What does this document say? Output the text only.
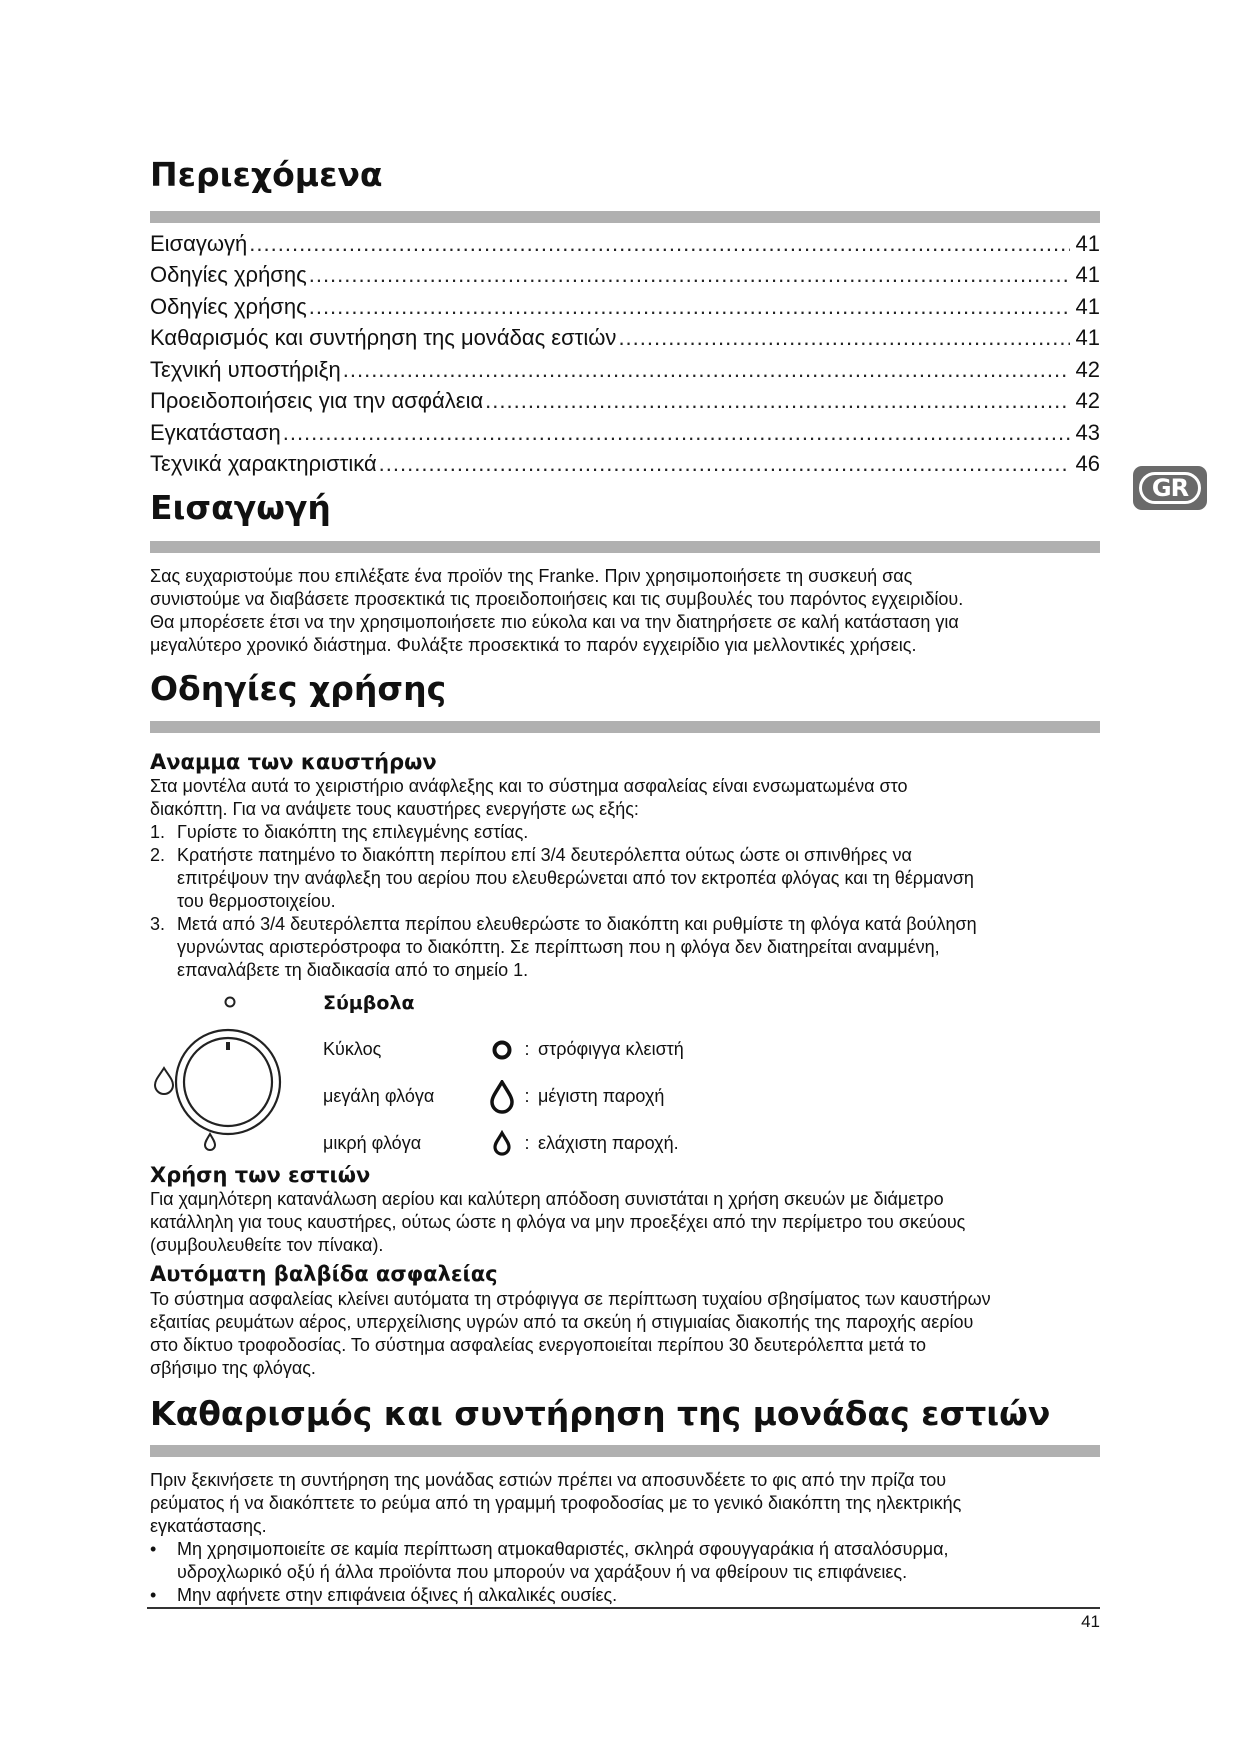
Περιεχόμενα
Εισαγωγή .....	41
Οδηγίες χρήσης .....	41
Οδηγίες χρήσης .....	41
Καθαρισμός και συντήρηση της μονάδας εστιών .....	41
Τεχνική υποστήριξη .....	42
Προειδοποιήσεις για την ασφάλεια .....	42
Εγκατάσταση .....	43
Τεχνικά χαρακτηριστικά .....	46
Εισαγωγή

Σας ευχαριστούμε που επιλέξατε ένα προϊόν της Franke. Πριν χρησιμοποιήσετε τη συσκευή σας

συνιστούμε να διαβάσετε προσεκτικά τις προειδοποιήσεις και τις συμβουλές του παρόντος εγχειριδίου.

Θα μπορέσετε έτσι να την χρησιμοποιήσετε πιο εύκολα και να την διατηρήσετε σε καλή κατάσταση για

μεγαλύτερο χρονικό διάστημα. Φυλάξτε προσεκτικά το παρόν εγχειρίδιο για μελλοντικές χρήσεις.

Οδηγίες χρήσης
Αναμμα των καυστήρων

Στα μοντέλα αυτά το χειριστήριο ανάφλεξης και το σύστημα ασφαλείας είναι ενσωματωμένα στο

διακόπτη. Για να ανάψετε τους καυστήρες ενεργήστε ως εξής:

1. Γυρίστε το διακόπτη της επιλεγμένης εστίας.
2. Κρατήστε πατημένο το διακόπτη περίπου επί 3/4 δευτερόλεπτα ούτως ώστε οι σπινθήρες να
επιτρέψουν την ανάφλεξη του αερίου που ελευθερώνεται από τον εκτροπέα φλόγας και τη θέρμανση
του θερμοστοιχείου.
3. Μετά από 3/4 δευτερόλεπτα περίπου ελευθερώστε το διακόπτη και ρυθμίστε τη φλόγα κατά βούληση
γυρνώντας αριστερόστροφα το διακόπτη. Σε περίπτωση που η φλόγα δεν διατηρείται αναμμένη,
επαναλάβετε τη διαδικασία από το σημείο 1.
Σύμβολα
Κύκλος	: στρόφιγγα κλειστή
μεγάλη φλόγα	: μέγιστη παροχή
μικρή φλόγα	: ελάχιστη παροχή.
Χρήση των εστιών

Για χαμηλότερη κατανάλωση αερίου και καλύτερη απόδοση συνιστάται η χρήση σκευών με διάμετρο

κατάλληλη για τους καυστήρες, ούτως ώστε η φλόγα να μην προεξέχει από την περίμετρο του σκεύους

(συμβουλευθείτε τον πίνακα).

Αυτόματη βαλβίδα ασφαλείας

Το σύστημα ασφαλείας κλείνει αυτόματα τη στρόφιγγα σε περίπτωση τυχαίου σβησίματος των καυστήρων

εξαιτίας ρευμάτων αέρος, υπερχείλισης υγρών από τα σκεύη ή στιγμιαίας διακοπής της παροχής αερίου

στο δίκτυο τροφοδοσίας. Το σύστημα ασφαλείας ενεργοποιείται περίπου 30 δευτερόλεπτα μετά το

σβήσιμο της φλόγας.

Καθαρισμός και συντήρηση της μονάδας εστιών

Πριν ξεκινήσετε τη συντήρηση της μονάδας εστιών πρέπει να αποσυνδέετε το φις από την πρίζα του

ρεύματος ή να διακόπτετε το ρεύμα από τη γραμμή τροφοδοσίας με το γενικό διακόπτη της ηλεκτρικής

εγκατάστασης.

•	Μη χρησιμοποιείτε σε καμία περίπτωση ατμοκαθαριστές, σκληρά σφουγγαράκια ή ατσαλόσυρμα,
υδροχλωρικό οξύ ή άλλα προϊόντα που μπορούν να χαράξουν ή να φθείρουν τις επιφάνειες.
•	Μην αφήνετε στην επιφάνεια όξινες ή αλκαλικές ουσίες.
GR
41
